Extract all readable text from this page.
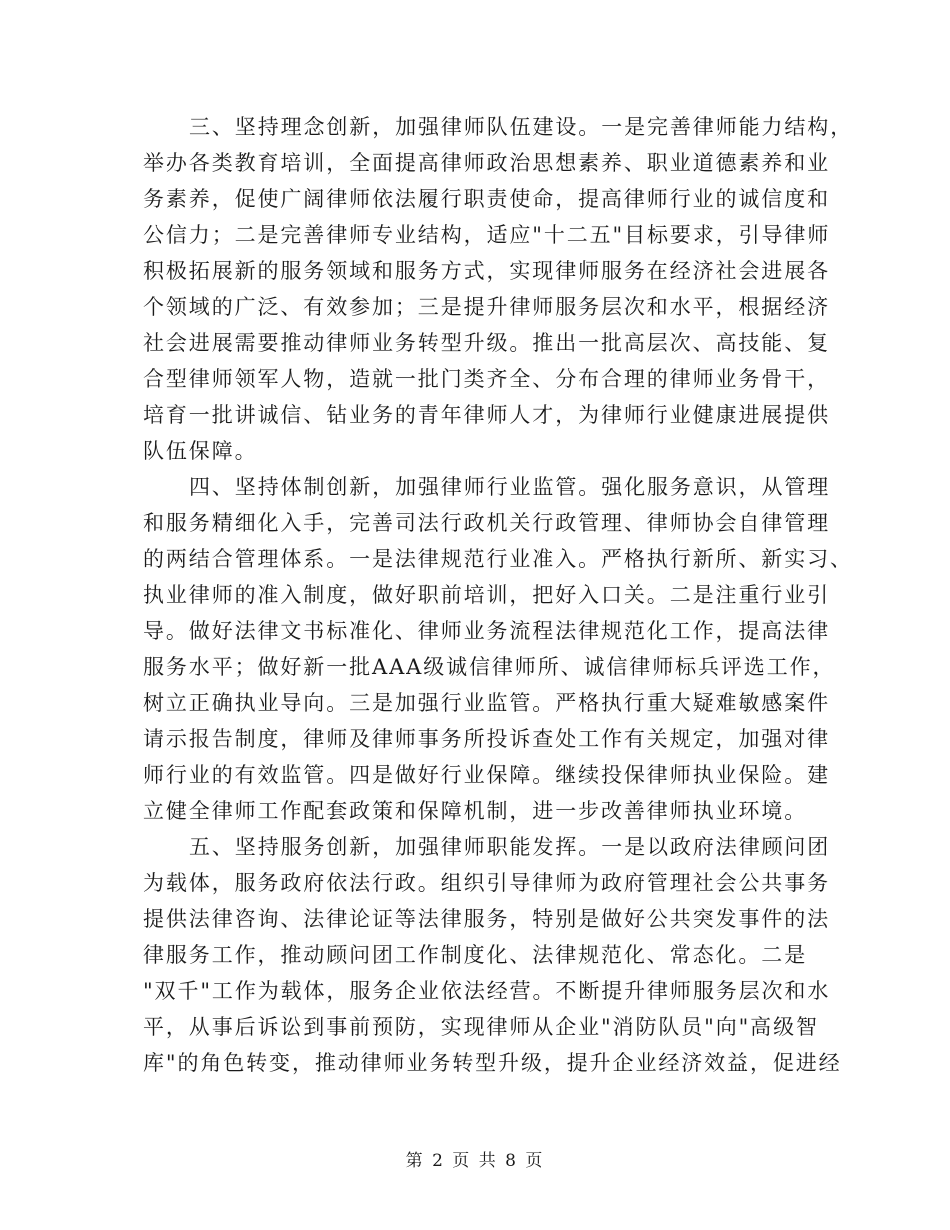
三、坚持理念创新，加强律师队伍建设。一是完善律师能力结构，
举办各类教育培训，全面提高律师政治思想素养、职业道德素养和业
务素养，促使广阔律师依法履行职责使命，提高律师行业的诚信度和
公信力；二是完善律师专业结构，适应"十二五"目标要求，引导律师
积极拓展新的服务领域和服务方式，实现律师服务在经济社会进展各
个领域的广泛、有效参加；三是提升律师服务层次和水平，根据经济
社会进展需要推动律师业务转型升级。推出一批高层次、高技能、复
合型律师领军人物，造就一批门类齐全、分布合理的律师业务骨干，
培育一批讲诚信、钻业务的青年律师人才，为律师行业健康进展提供
队伍保障。
四、坚持体制创新，加强律师行业监管。强化服务意识，从管理
和服务精细化入手，完善司法行政机关行政管理、律师协会自律管理
的两结合管理体系。一是法律规范行业准入。严格执行新所、新实习、
执业律师的准入制度，做好职前培训，把好入口关。二是注重行业引
导。做好法律文书标准化、律师业务流程法律规范化工作，提高法律
服务水平；做好新一批AAA级诚信律师所、诚信律师标兵评选工作，
树立正确执业导向。三是加强行业监管。严格执行重大疑难敏感案件
请示报告制度，律师及律师事务所投诉查处工作有关规定，加强对律
师行业的有效监管。四是做好行业保障。继续投保律师执业保险。建
立健全律师工作配套政策和保障机制，进一步改善律师执业环境。
五、坚持服务创新，加强律师职能发挥。一是以政府法律顾问团
为载体，服务政府依法行政。组织引导律师为政府管理社会公共事务
提供法律咨询、法律论证等法律服务，特别是做好公共突发事件的法
律服务工作，推动顾问团工作制度化、法律规范化、常态化。二是
"双千"工作为载体，服务企业依法经营。不断提升律师服务层次和水
平，从事后诉讼到事前预防，实现律师从企业"消防队员"向"高级智
库"的角色转变，推动律师业务转型升级，提升企业经济效益，促进经
第 2 页 共 8 页
